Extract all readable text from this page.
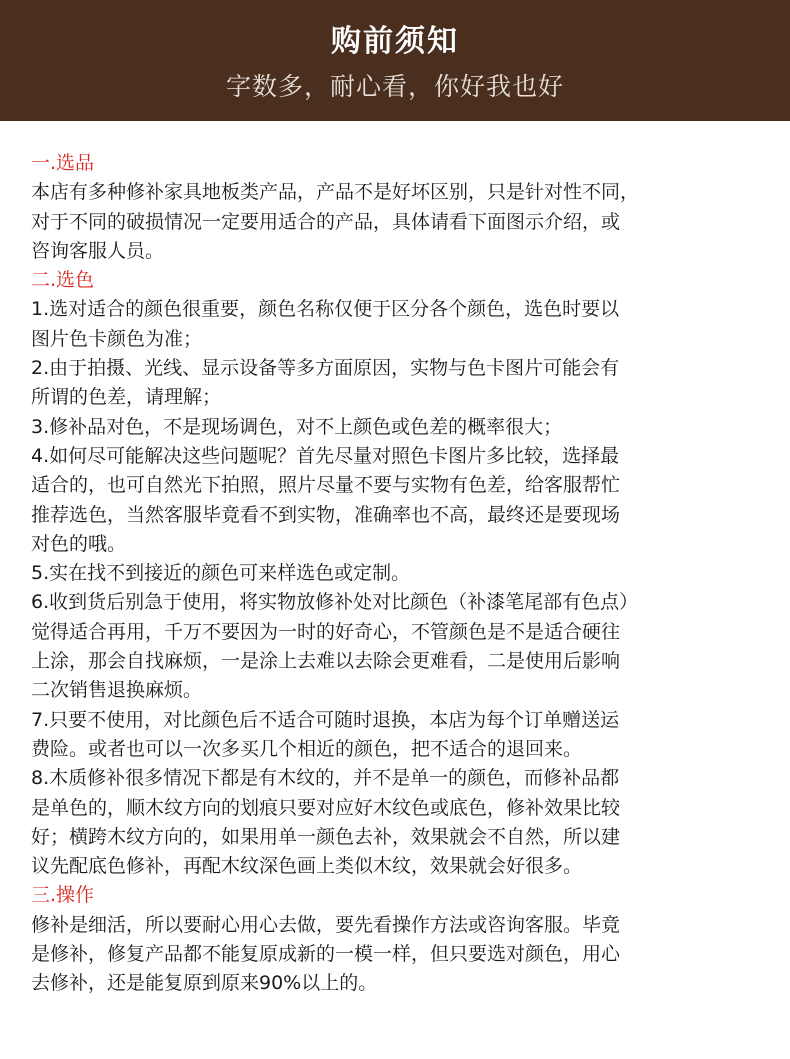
购前须知
字数多，耐心看，你好我也好
一.选品
本店有多种修补家具地板类产品，产品不是好坏区别，只是针对性不同，
对于不同的破损情况一定要用适合的产品，具体请看下面图示介绍，或
咨询客服人员。
二.选色
1.选对适合的颜色很重要，颜色名称仅便于区分各个颜色，选色时要以
图片色卡颜色为准；
2.由于拍摄、光线、显示设备等多方面原因，实物与色卡图片可能会有
所谓的色差，请理解；
3.修补品对色，不是现场调色，对不上颜色或色差的概率很大；
4.如何尽可能解决这些问题呢？首先尽量对照色卡图片多比较，选择最
适合的，也可自然光下拍照，照片尽量不要与实物有色差，给客服帮忙
推荐选色，当然客服毕竟看不到实物，准确率也不高，最终还是要现场
对色的哦。
5.实在找不到接近的颜色可来样选色或定制。
6.收到货后别急于使用，将实物放修补处对比颜色（补漆笔尾部有色点）
觉得适合再用，千万不要因为一时的好奇心，不管颜色是不是适合硬往
上涂，那会自找麻烦，一是涂上去难以去除会更难看，二是使用后影响
二次销售退换麻烦。
7.只要不使用，对比颜色后不适合可随时退换，本店为每个订单赠送运
费险。或者也可以一次多买几个相近的颜色，把不适合的退回来。
8.木质修补很多情况下都是有木纹的，并不是单一的颜色，而修补品都
是单色的，顺木纹方向的划痕只要对应好木纹色或底色，修补效果比较
好；横跨木纹方向的，如果用单一颜色去补，效果就会不自然，所以建
议先配底色修补，再配木纹深色画上类似木纹，效果就会好很多。
三.操作
修补是细活，所以要耐心用心去做，要先看操作方法或咨询客服。毕竟
是修补，修复产品都不能复原成新的一模一样，但只要选对颜色，用心
去修补，还是能复原到原来90%以上的。
